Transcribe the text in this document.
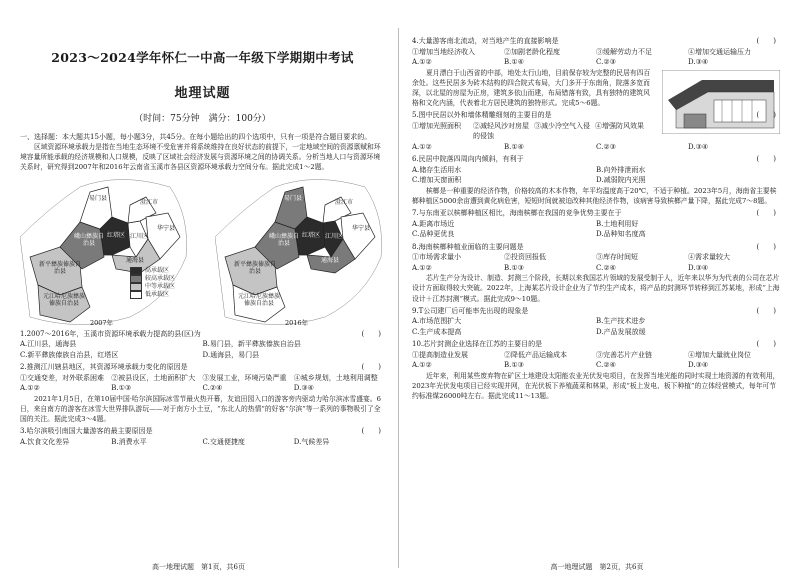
2023～2024学年怀仁一中高一年级下学期期中考试
地理试题
（时间：75分钟　满分：100分）

一、选择题：本大题共15小题，每小题3分，共45分。在每小题给出的四个选项中，只有一项是符合题目要求的。

区域资源环境承载力是指在当地生态环境不受危害并将系统维持在良好状态的前提下，一定地域空间的资源禀赋和环境容量所能承载的经济规模和人口规模，反映了区域社会经济发展与资源环境之间的协调关系。分析当地人口与资源环境关系时，研究得到2007年和2016年云南省玉溪市各县区资源环境承载力空间分布。据此完成1～2题。

易门县
峨山彝族自治县
红塔区 江川区
华宁县
通海县
新平彝族傣族自治县
元江哈尼族彝族傣族自治县
澄江市
2007年
高承载区
较高承载区
中等承载区
低承载区
易门县
峨山彝族自治县
红塔区 江川区
华宁县
通海县
新平彝族傣族自治县
元江哈尼族彝族傣族自治县
澄江市
2016年
1.2007～2016年，玉溪市资源环境承载力提高的县(区)为	(　　)
A.江川县，通海县	B.易门县，新平彝族傣族自治县
C.新平彝族傣族自治县，红塔区	D.通海县，易门县
2.推测江川辖县地区，其资源环境承载力变化的原因是	(　　)
①交通变差，对外联系困难	②被县设区，土地面积扩大	③发展工业，环境污染严重	④城乡规划，土地利用调整
A.①②	B.①③	C.②④	D.③④

2021年1月5日，在第10届中国·哈尔滨国际冰雪节最火热开幕，友谊田园入口的游客旁内驱动力哈尔滨冰雪盛宴。6日，来自南方的游客在冰雪大世界排队游玩——对于南方小土豆，“东北人的热情”的好客“尔滨”等一系列的事物吸引了全国的关注。据此完成3～4题。

3.哈尔滨吸引南国大量游客的最主要原因是	(　　)
A.饮食文化差异	B.消费水平	C.交通便捷度	D.气候差异
高一地理试题　第1页，共6页
4.大量游客南北流动，对当地产生的直接影响是	(　　)
①增加当地经济收入	②加剧老龄化程度	③缓解劳动力不足	④增加交通运输压力
A.①②	B.①④	C.②③	D.③④

夏月漂白于山西省的中部，地处太行山地，目前保存较为完整的民居有四百余处。这些民居多为砖木结构的四合院式布局，大门多开于东南角，院落多宽而深，以北屋的房屋为正房，建筑多依山而建，布局错落有致，具有独特的建筑风格和文化内涵，代表着北方居民建筑的独特形式。完成5～6题。

5.图中民居以外和墙体精雕细刻的主要目的是	(　　)
①增加光照面积	②减轻风沙对房屋的侵蚀
③减少冷空气入侵 ④增强防风效果
A.①②	B.①④	C.②③	D.③④
6.民居中院落四周向内倾斜，有利于	(　　)
A.储存生活用水	B.向外排泄雨水
C.增加天窗面积	D.减弱院内光照

槟榔是一种重要的经济作物，价格较高的木本作物，年平均温度高于20℃，不适于种植。2023年5月，海南省主要槟榔种植区5000余亩遭到黄化病危害，短短时间就被迫改种其他经济作物，该病害导致槟榔产量下降，据此完成7～8题。

7.与东南亚以槟榔种植区相比，海南槟榔在我国的竞争优势主要在于	(　　)
A.距离市场近	B.土地利用好
C.品种更优良	D.品种知名度高
8.海南槟榔种植业面临的主要问题是	(　　)
①市场需求量小	②投资回报低	③库存时间短	④需求量较大
A.①②	B.①③	C.②④	D.③④

芯片生产分为设计、制造、封测三个阶段，长期以来我国芯片领域的发展受制于人，近年来以华为为代表的公司在芯片设计方面取得较大突破。2022年，上海某芯片设计企业为了节约生产成本，将产品的封测环节转移到江苏某地，形成“上海设计＋江苏封测”模式。据此完成9～10题。

9.T公司建厂后可能率先出现的现象是	(　　)
A.市场范围扩大	B.生产技术进步
C.生产成本提高	D.产品发展放缓
10.芯片封测企业选择在江苏的主要目的是	(　　)
①提高制造业发展	②降低产品运输成本	③完善芯片产业链	④增加大量就业岗位
A.①②	B.①③	C.②④	D.③④

近年来，利用某些废弃物在矿区土地建设太阳能农业光伏发电项目，在发挥当地光能的同时实现土地资源的有效利用，2023年光伏发电项目已经实现并网，在光伏板下养殖蔬菜和林果，形成“板上发电、板下种植”的立体经营模式，每年可节约标准煤26000吨左右。据此完成11～13题。

高一地理试题　第2页，共6页
